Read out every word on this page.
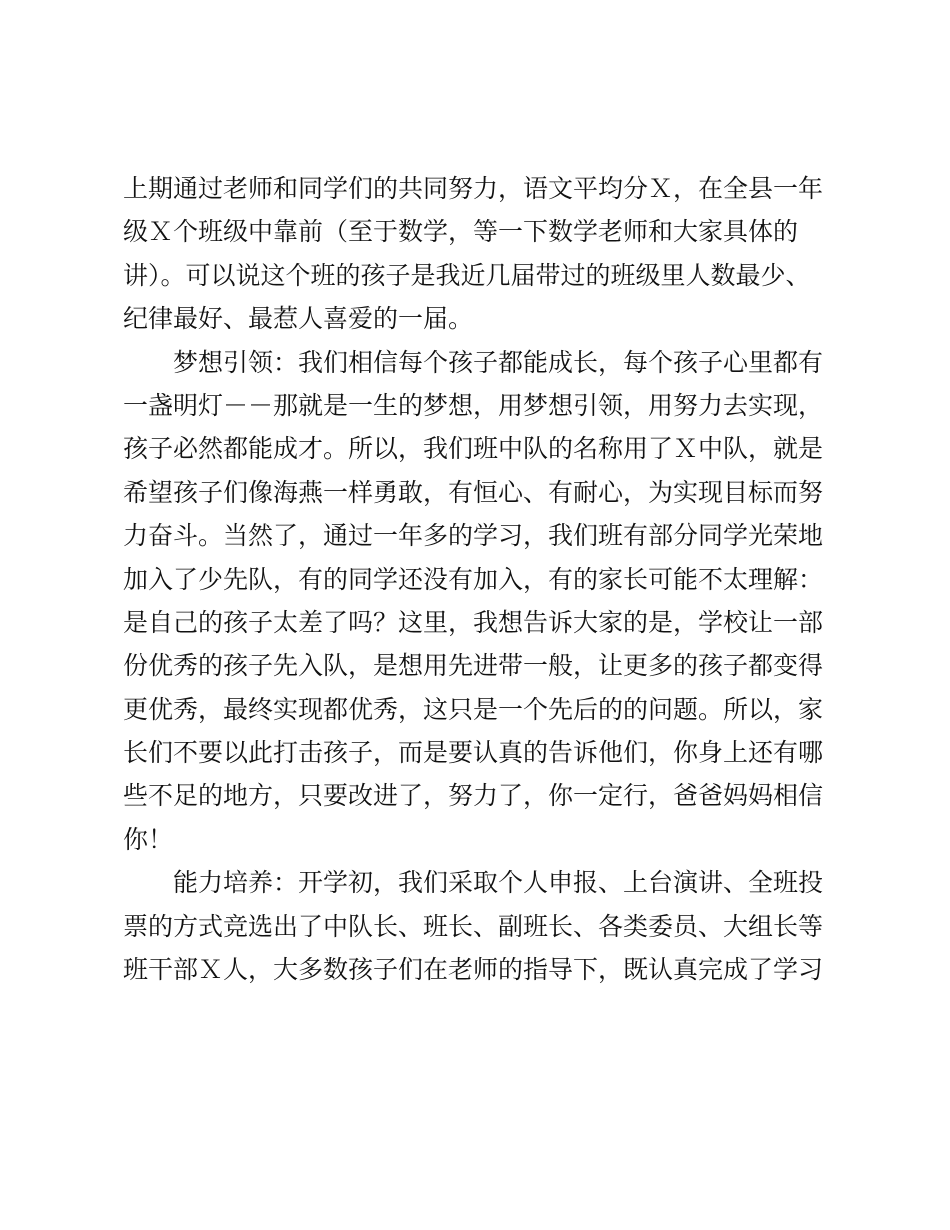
上期通过老师和同学们的共同努力，语文平均分Ｘ，在全县一年
级Ｘ个班级中靠前（至于数学，等一下数学老师和大家具体的
讲）。可以说这个班的孩子是我近几届带过的班级里人数最少、
纪律最好、最惹人喜爱的一届。
梦想引领：我们相信每个孩子都能成长，每个孩子心里都有
一盏明灯－－那就是一生的梦想，用梦想引领，用努力去实现，
孩子必然都能成才。所以，我们班中队的名称用了Ｘ中队，就是
希望孩子们像海燕一样勇敢，有恒心、有耐心，为实现目标而努
力奋斗。当然了，通过一年多的学习，我们班有部分同学光荣地
加入了少先队，有的同学还没有加入，有的家长可能不太理解：
是自己的孩子太差了吗？这里，我想告诉大家的是，学校让一部
份优秀的孩子先入队，是想用先进带一般，让更多的孩子都变得
更优秀，最终实现都优秀，这只是一个先后的的问题。所以，家
长们不要以此打击孩子，而是要认真的告诉他们，你身上还有哪
些不足的地方，只要改进了，努力了，你一定行，爸爸妈妈相信
你！
能力培养：开学初，我们采取个人申报、上台演讲、全班投
票的方式竞选出了中队长、班长、副班长、各类委员、大组长等
班干部Ｘ人，大多数孩子们在老师的指导下，既认真完成了学习
